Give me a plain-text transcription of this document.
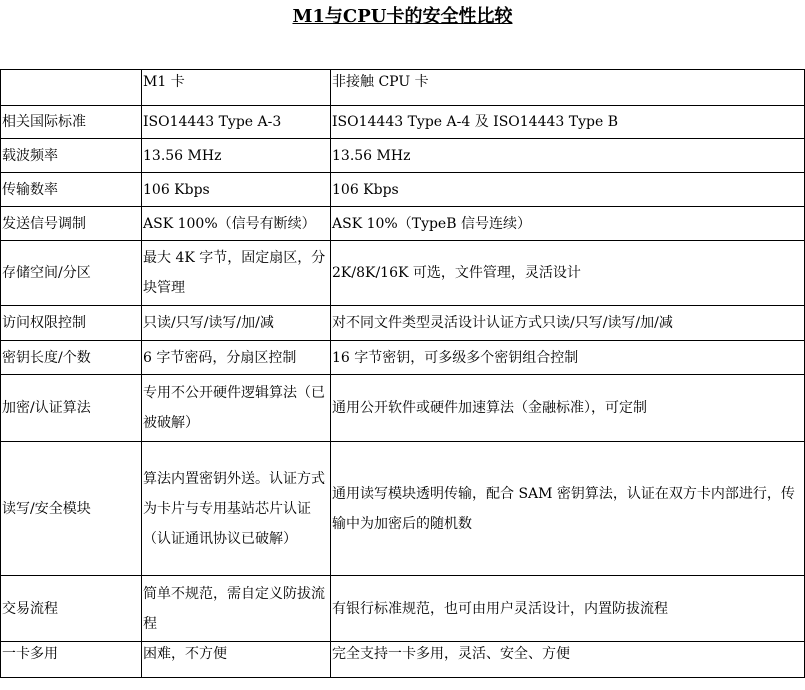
M1与CPU卡的安全性比较
	M1 卡	非接触 CPU 卡
相关国际标准	ISO14443 Type A-3	ISO14443 Type A-4 及 ISO14443 Type B
载波频率	13.56 MHz	13.56 MHz
传输数率	106 Kbps	106 Kbps
发送信号调制	ASK 100%（信号有断续）	ASK 10%（TypeB 信号连续）
存储空间/分区	最大 4K 字节，固定扇区，分块管理	2K/8K/16K 可选，文件管理，灵活设计
访问权限控制	只读/只写/读写/加/减	对不同文件类型灵活设计认证方式只读/只写/读写/加/减
密钥长度/个数	6 字节密码，分扇区控制	16 字节密钥，可多级多个密钥组合控制
加密/认证算法	专用不公开硬件逻辑算法（已被破解）	通用公开软件或硬件加速算法（金融标准），可定制
读写/安全模块	算法内置密钥外送。认证方式为卡片与专用基站芯片认证（认证通讯协议已破解）	通用读写模块透明传输，配合 SAM 密钥算法，认证在双方卡内部进行，传输中为加密后的随机数
交易流程	简单不规范，需自定义防拔流程	有银行标准规范，也可由用户灵活设计，内置防拔流程
一卡多用	困难，不方便	完全支持一卡多用，灵活、安全、方便
